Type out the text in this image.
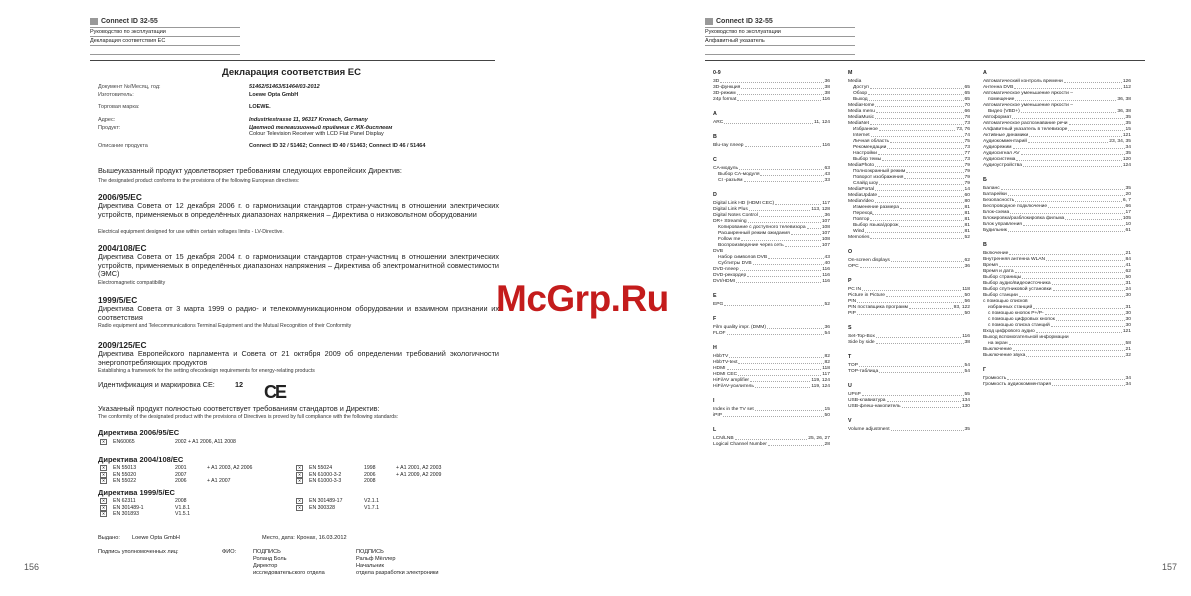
Connect ID 32-55
Руководство по эксплуатации
Декларация соответствия ЕС
Декларация соответствия ЕС
Документ №/Месяц, год:	51462/51463/51464/03-2012
Изготовитель:	Loewe Opta GmbH
Торговая марка:	LOEWE.
Адрес:	Industriestrasse 11, 96317 Kronach, Germany
Продукт:	Цветной телевизионный приёмник с ЖК-дисплеем
Colour Television Receiver with LCD Flat Panel Display
Описание продукта	Connect ID 32 / 51462; Connect ID 40 / 51463; Connect ID 46 / 51464
Вышеуказанный продукт удовлетворяет требованиям следующих европейских Директив:
The designated product conforms to the provisions of the following European directives:
2006/95/EC
Директива Совета от 12 декабря 2006 г. о гармонизации стандартов стран-участниц в отношении электрических устройств, применяемых в определённых диапазонах напряжения – Директива о низковольтном оборудовании
Electrical equipment designed for use within certain voltages limits - LV-Directive.
2004/108/EC
Директива Совета от 15 декабря 2004 г. о гармонизации стандартов стран-участниц в отношении электрических устройств, применяемых в определённых диапазонах напряжения – Директива об электромагнитной совместимости (ЭМС)
Electromagnetic compatibility
1999/5/EC
Директива Совета от 3 марта 1999 о радио- и телекоммуникационном оборудовании и взаимном признании их соответствия
Radio equipment and Telecommunications Terminal Equipment and the Mutual Recognition of their Conformity
2009/125/EC
Директива Европейского парламента и Совета от 21 октября 2009 об определении требований экологичности энергопотребляющих продуктов
Establishing a framework for the setting ofecodesign requirements for energy-relating products
Идентификация и маркировка СЕ:	12 CE
Указанный продукт полностью соответствует требованиям стандартов и Директив:
The conformity of the designated product with the provisions of Directives is proved by full compliance with the following standards:
Директива 2006/95/EC
✕	EN60065	2002 + A1 2006, A11 2008
Директива 2004/108/EC
✕	EN 55013	2001	+ A1 2003, A2 2006
✕	EN 55020	2007
✕	EN 55022	2006	+ A1 2007
✕	EN 55024	1998	+ A1 2001, A2 2003
✕	EN 61000-3-2	2006	+ A1 2009, A2 2009
✕	EN 61000-3-3	2008
Директива 1999/5/EC
✕	EN 62311	2008
✕	EN 301489-1	V1.8.1
✕	EN 301893	V1.5.1
✕	EN 301489-17	V2.1.1
✕	EN 300328	V1.7.1
Выдано: Loewe Opta GmbH	Место, дата: Кронах, 16.03.2012
Подпись уполномоченных лиц:	ФИО:	ПОДПИСЬ
Роланд Боль
Директор
исследовательского отдела
ПОДПИСЬ
Ральф Мёллер
Начальник
отдела разработки электроники
156
Connect ID 32-55
Руководство по эксплуатации
Алфавитный указатель
0-9
3D	36
3D-функция	38
3D-режим	38
24p format	116
A
ARC	11, 124
B
Blu-ray плеер	116
C
CA-модуль	63
Выбор CA-модуля	43
CI -разъём	33
D
Digital Link HD (HDMI CEC)	117
Digital Link Plus	113, 128
Digital Notes Control	36
DR+ Streaming	107
Копирование с доступного телевизора	108
Расширенный режим ожидания	107
Follow me	108
Воспроизведение через сеть	107
DVB
Набор символов DVB	43
Субтитры DVB	40
DVD-плеер	116
DVD-рекордер	116
DVI/HDMI	116
E
EPG	52
F
Film quality impr. (DMM)	36
FLOF	54
H
HbbTV	82
HbbTV-text	82
HDMI	118
HDMI CEC	117
HiFi/AV amplifier	119, 124
HiFi/AV-усилитель	119, 124
I
Index in the TV set	15
iPIP	50
L
LCN/LNB	25, 26, 27
Logical Channel Number	28
M
Media
Доступ	65
Обзор	65
Выход	65
MediaHome	70
Media menu	66
MediaMusic	78
MediaNet	73
Избранное	73, 76
Internet	74
Личная область	75
Рекомендации	73
Настройки	77
Выбор темы	73
MediaPhoto	79
Полноэкранный режим	79
Поворот изображения	79
Слайд шоу	79
MediaPortal	14
MediaUpdate	60
MediaVideo	80
Изменение размера	81
Переход	81
Повтор	81
Выбор языка/дорож	81
Wind	81
Memories	52
O
On-screen displays	62
OPC	36
P
PC IN	118
Picture in Picture	50
PIN	56
PIN поставщика программ	93, 122
PIP	50
S
Set-Top-Box	116
Side by side	38
T
TOP	54
TOP-таблица	54
U
UPnP	55
USB-клавиатура	134
USB-флеш-накопитель	130
V
Volume adjustment	35
А
Автоматический контроль времени	126
Антенна DVB	112
Автоматическое уменьшение яркости –
помещение	36, 38
Автоматическое уменьшение яркости –
Видео (VBD+)	36, 38
Автоформат	35
Автоматическое распознавание речи	35
Алфавитный указатель в телевизоре	15
Активные динамики	121
Аудиокомментарий	23, 34, 35
Аудиорежим	34
Аудиосигнал AV	35
Аудиосистема	120
Аудиоустройства	124
Б
Баланс	35
Батарейки	20
Безопасность	6, 7
Беспроводное подключение	66
Блок-схема	17
Блокировка/разблокировка фильма	105
Блок управления	10
Будильник	61
В
Включение	21
Внутренняя антенна WLAN	84
Время	41
Время и дата	62
Выбор страницы	50
Выбор аудио/видеоисточника	31
Выбор спутниковой установки	24
Выбор станции	30
с помощью списков
избранных станций	31
с помощью кнопок P+/P-	30
с помощью цифровых кнопок	30
с помощью списка станций	30
Вход цифрового аудио	121
Выход вспомогательной информации
на экран	58
Выключение	21
Выключение звука	32
Г
Громкость	34
Громкость аудиокомментария	34
157
McGrp.Ru
